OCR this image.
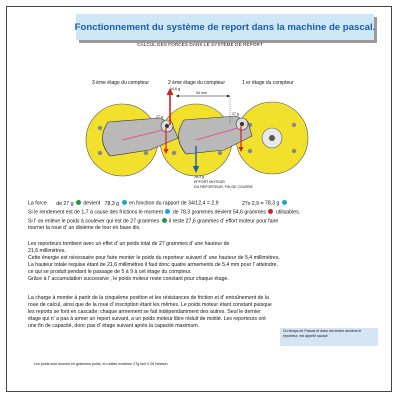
Fonctionnement du système de report dans la machine de pascal.
CALCUL DES FORCES DANS LE SYSTÈME DE REPORT
3 ème étage du compteur	2 ème étage du compteur	1 er étage du compteur
34,6 g
54 mm
27 g
27 g
78,3 g
EFFORT MOTEUR
DU REPORTEUR, FIN DE COURSE
La force de 27 g devient 78,3 g en fonction du rapport de 34/12,4 = 2,9	27x 2,9 = 78,3 g
Si le rendement est de 1,7 à cause des frictions le moment de 78,3 grammes devient 54,6 grammes utilisables.
Si l' on enlève le poids à soulever qui est de 27 grammes il reste 27,6 grammes d' effort moteur pour faire
tourner la roue d' un dixième de tour en base dix.
Les reporteurs tombent avec un effet d' un poids total de 27 grammes d' une hauteur de
21,6 millimètres.
Cette énergie est nécessaire pour faire monter le poids du reporteur suivant d' une hauteur de 5,4 millimètres.
La hauteur totale requise étant de 21,6 millimètres il faut donc quatre armements de 5,4 mm pour l' atteindre,
ce qui se produit pendant le passage de 5 à 9 à cet étage du compteur.
Grâce à l' accumulation successive , le poids moteur reste constant pour chaque étage.
La charge à monter à partir de la cinquième position et les résistances de friction et d' entraînement de la
roue de calcul, ainsi que de la roue d' inscription étant les mêmes. Le poids moteur étant constant puisque
les reports se font en cascade; chaque armement se fait indépendamment des autres. Seul le dernier
étage qui n' a pas à armer un report suivant, a un poids moteur libre réduit de moitié. Les reporteurs ont
une fin de capacité, donc pas d' étage suivant après la capacité maximum.
Du temps de Pascal et dans les textes anciens le reporteur, est appelé sautoir
Les poids sont donnés en grammes poids, en unités moderne 27g font 0,26 Newton.
